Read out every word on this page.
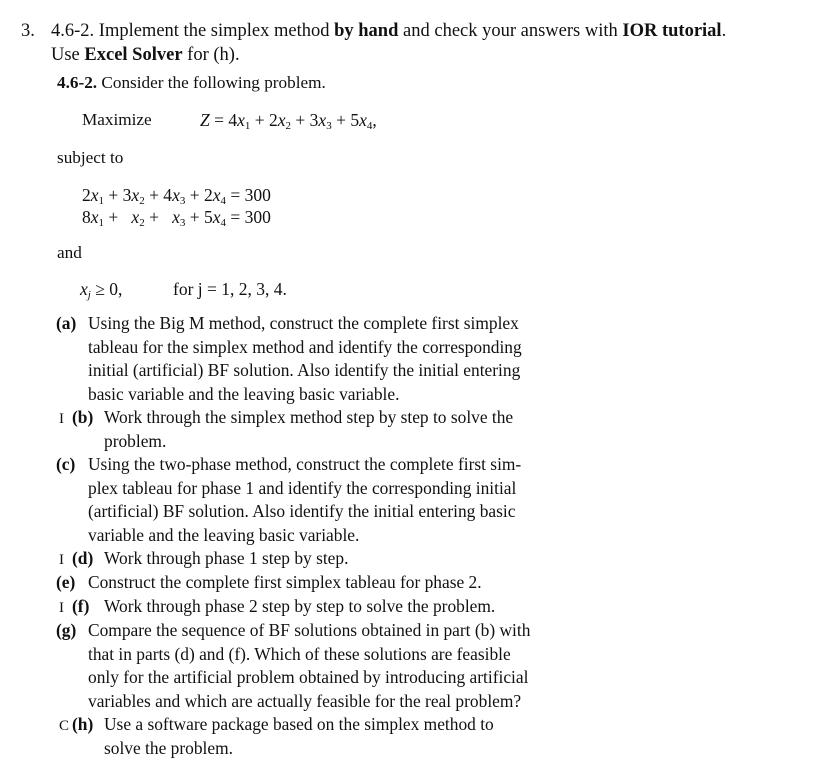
3. 4.6-2. Implement the simplex method by hand and check your answers with IOR tutorial.
Use Excel Solver for (h).
4.6-2. Consider the following problem.
Maximize	$Z = 4x_1 + 2x_2 + 3x_3 + 5x_4$,
subject to
$2x_1 + 3x_2 + 4x_3 + 2x_4 = 300$
$8x_1 + x_2 + x_3 + 5x_4 = 300$
and
$x_j \ge 0$,	for j = 1, 2, 3, 4.
(a) Using the Big M method, construct the complete first simplex
tableau for the simplex method and identify the corresponding
initial (artificial) BF solution. Also identify the initial entering
basic variable and the leaving basic variable.
I (b) Work through the simplex method step by step to solve the
problem.
(c) Using the two-phase method, construct the complete first sim-
plex tableau for phase 1 and identify the corresponding initial
(artificial) BF solution. Also identify the initial entering basic
variable and the leaving basic variable.
I (d) Work through phase 1 step by step.
(e) Construct the complete first simplex tableau for phase 2.
I (f) Work through phase 2 step by step to solve the problem.
(g) Compare the sequence of BF solutions obtained in part (b) with
that in parts (d) and (f). Which of these solutions are feasible
only for the artificial problem obtained by introducing artificial
variables and which are actually feasible for the real problem?
C (h) Use a software package based on the simplex method to
solve the problem.
